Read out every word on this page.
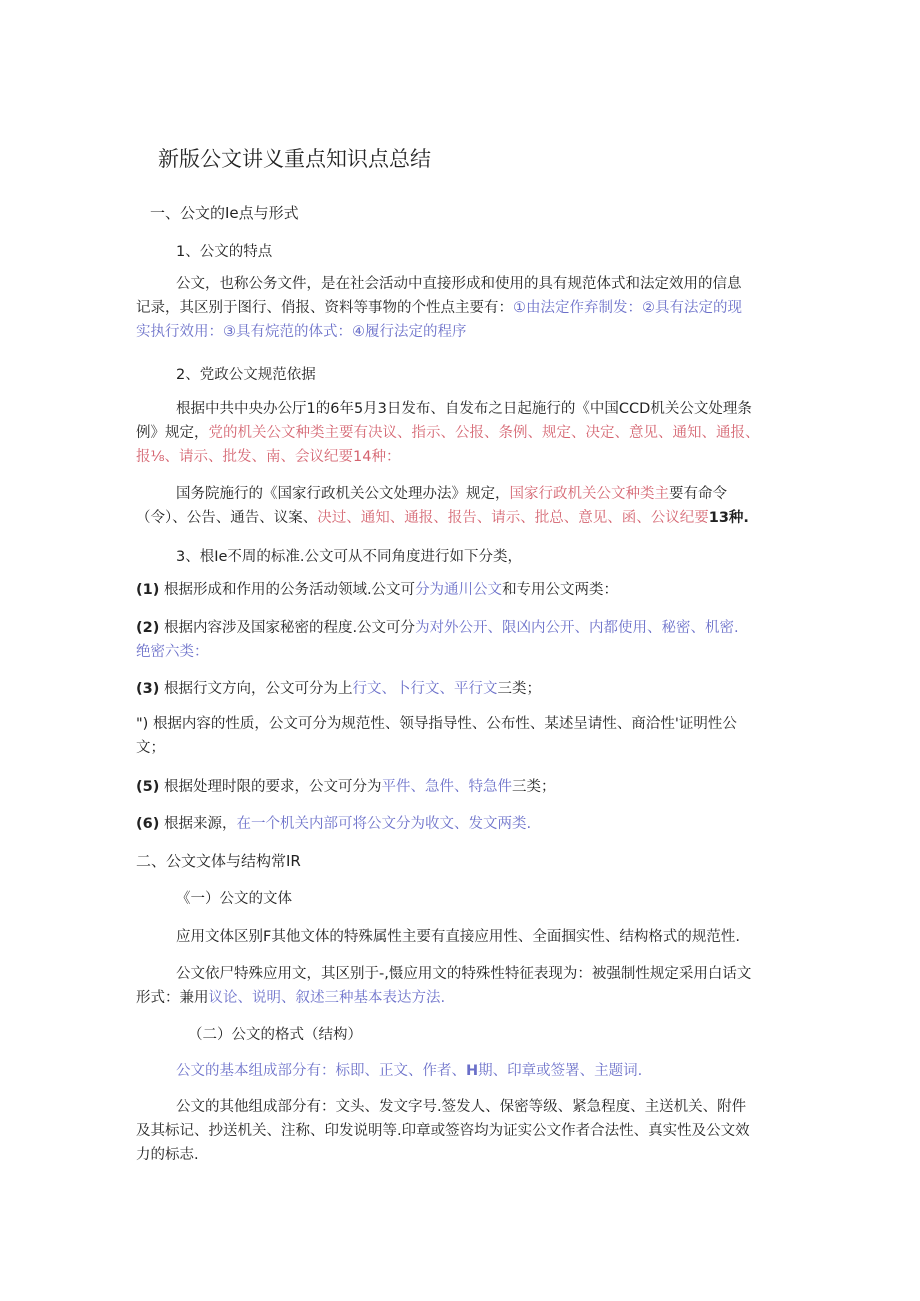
新版公文讲义重点知识点总结
一、公文的Ie点与形式
1、公文的特点
公文，也称公务文件，是在社会活动中直接形成和使用的具有规范体式和法定效用的信息
记录，其区别于图行、俏报、资料等事物的个性点主要有：①由法定作弃制发：②具有法定的现
实执行效用：③具有烷范的体式：④履行法定的程序
2、党政公文规范依据
根据中共中央办公厅1的6年5月3日发布、自发布之日起施行的《中国CCD机关公文处理条
例》规定，党的机关公文种类主要有决议、指示、公报、条例、规定、决定、意见、通知、通报、
报⅛、请示、批发、南、会议纪要14种：
国务院施行的《国家行政机关公文处理办法》规定，国家行政机关公文种类主要有命令
（令）、公告、通告、议案、决过、通知、通报、报告、请示、批总、意见、函、公议纪要13种.
3、根Ie不周的标准.公文可从不同角度进行如下分类，
(1) 根据形成和作用的公务活动领域.公文可分为通川公文和专用公文两类：
(2) 根据内容涉及国家秘密的程度.公文可分为对外公开、限凶内公开、内都使用、秘密、机密.
绝密六类：
(3) 根据行文方向，公文可分为上行文、卜行文、平行文三类；
") 根据内容的性质，公文可分为规范性、领导指导性、公布性、某述呈请性、商洽性'证明性公
文；
(5) 根据处理时限的要求，公文可分为平件、急件、特急件三类；
(6) 根据来源，在一个机关内部可将公文分为收文、发文两类.
二、公文文体与结构常IR
《一）公文的文体
应用文体区别F其他文体的特殊属性主要有直接应用性、全面掴实性、结构格式的规范性.
公文依尸特殊应用文，其区别于-,慑应用文的特殊性特征表现为：被强制性规定采用白话文
形式：兼用议论、说明、叙述三种基本表达方法.
（二）公文的格式（结构）
公文的基本组成部分有：标即、正文、作者、H期、印章或签署、主题词.
公文的其他组成部分有：文头、发文字号.签发人、保密等级、紧急程度、主送机关、附件
及其标记、抄送机关、注称、印发说明等.印章或签咨均为证实公文作者合法性、真实性及公文效
力的标志.
